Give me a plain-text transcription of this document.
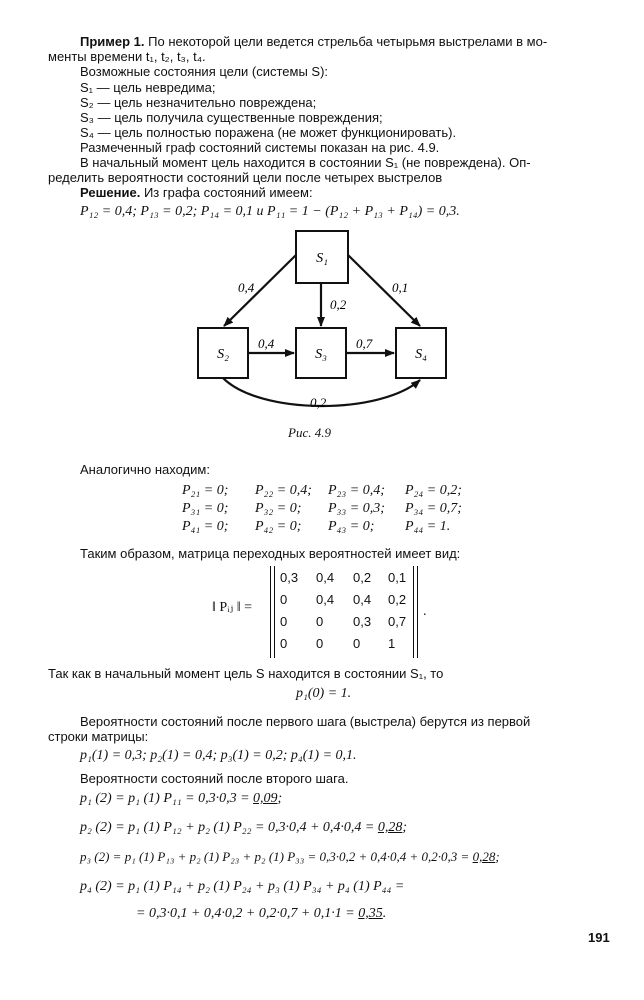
Пример 1. По некоторой цели ведется стрельба четырьмя выстрелами в мо-
менты времени t₁, t₂, t₃, t₄.
Возможные состояния цели (системы S):
S₁ — цель невредима;
S₂ — цель незначительно повреждена;
S₃ — цель получила существенные повреждения;
S₄ — цель полностью поражена (не может функционировать).
Размеченный граф состояний системы показан на рис. 4.9.
В начальный момент цель находится в состоянии S₁ (не повреждена). Оп-
ределить вероятности состояний цели после четырех выстрелов
Решение. Из графа состояний имеем:
P₁₂ = 0,4; P₁₃ = 0,2; P₁₄ = 0,1 и P₁₁ = 1 − (P₁₂ + P₁₃ + P₁₄) = 0,3.
S₁
S₂	S₃	S₄
0,4
0,2
0,1
0,4	0,7
0,2
Рис. 4.9
Аналогично находим:
P₂₁ = 0; P₂₂ = 0,4; P₂₃ = 0,4; P₂₄ = 0,2;
P₃₁ = 0; P₃₂ = 0; P₃₃ = 0,3; P₃₄ = 0,7;
P₄₁ = 0; P₄₂ = 0; P₄₃ = 0; P₄₄ = 1.
Таким образом, матрица переходных вероятностей имеет вид:
‖ Pᵢⱼ ‖ =	.
0,3 0,4 0,2 0,1
0 0,4 0,4 0,2
0 0 0,3 0,7
0 0 0 1
Так как в начальный момент цель S находится в состоянии S₁, то
p₁(0) = 1.
Вероятности состояний после первого шага (выстрела) берутся из первой
строки матрицы:
p₁(1) = 0,3; p₂(1) = 0,4; p₃(1) = 0,2; p₄(1) = 0,1.
Вероятности состояний после второго шага.
p₁ (2) = p₁ (1) P₁₁ = 0,3·0,3 = 0,09;
p₂ (2) = p₁ (1) P₁₂ + p₂ (1) P₂₂ = 0,3·0,4 + 0,4·0,4 = 0,28;
p₃ (2) = p₁ (1) P₁₃ + p₂ (1) P₂₃ + p₂ (1) P₃₃ = 0,3·0,2 + 0,4·0,4 + 0,2·0,3 = 0,28;
p₄ (2) = p₁ (1) P₁₄ + p₂ (1) P₂₄ + p₃ (1) P₃₄ + p₄ (1) P₄₄ =
= 0,3·0,1 + 0,4·0,2 + 0,2·0,7 + 0,1·1 = 0,35.
191
